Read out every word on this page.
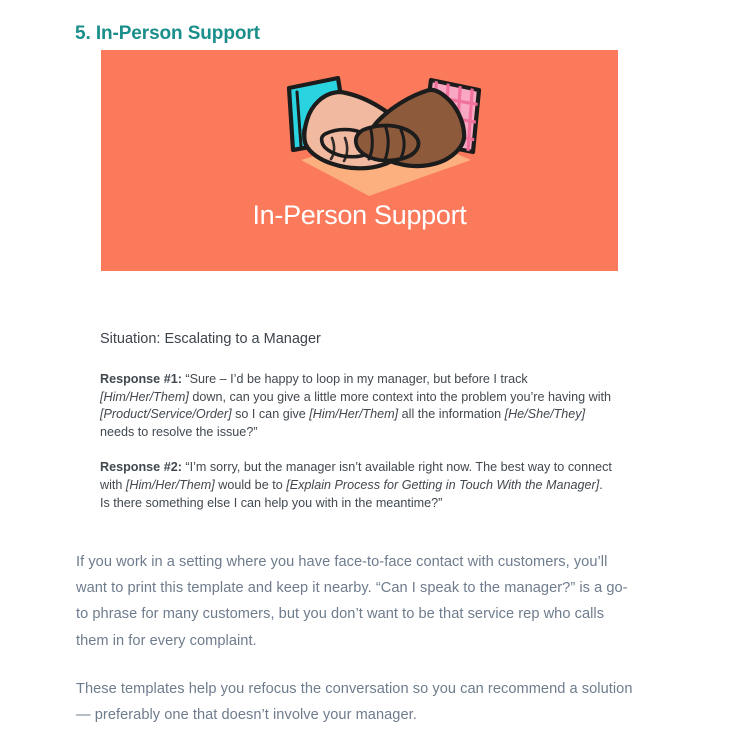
5. In-Person Support
In-Person Support

Situation: Escalating to a Manager

Response #1: “Sure – I’d be happy to loop in my manager, but before I track [Him/Her/Them] down, can you give a little more context into the problem you’re having with [Product/Service/Order] so I can give [Him/Her/Them] all the information [He/She/They] needs to resolve the issue?”

Response #2: “I’m sorry, but the manager isn’t available right now. The best way to connect with [Him/Her/Them] would be to [Explain Process for Getting in Touch With the Manager]. Is there something else I can help you with in the meantime?”

If you work in a setting where you have face-to-face contact with customers, you’ll want to print this template and keep it nearby. “Can I speak to the manager?” is a go-to phrase for many customers, but you don’t want to be that service rep who calls them in for every complaint.

These templates help you refocus the conversation so you can recommend a solution — preferably one that doesn’t involve your manager.
